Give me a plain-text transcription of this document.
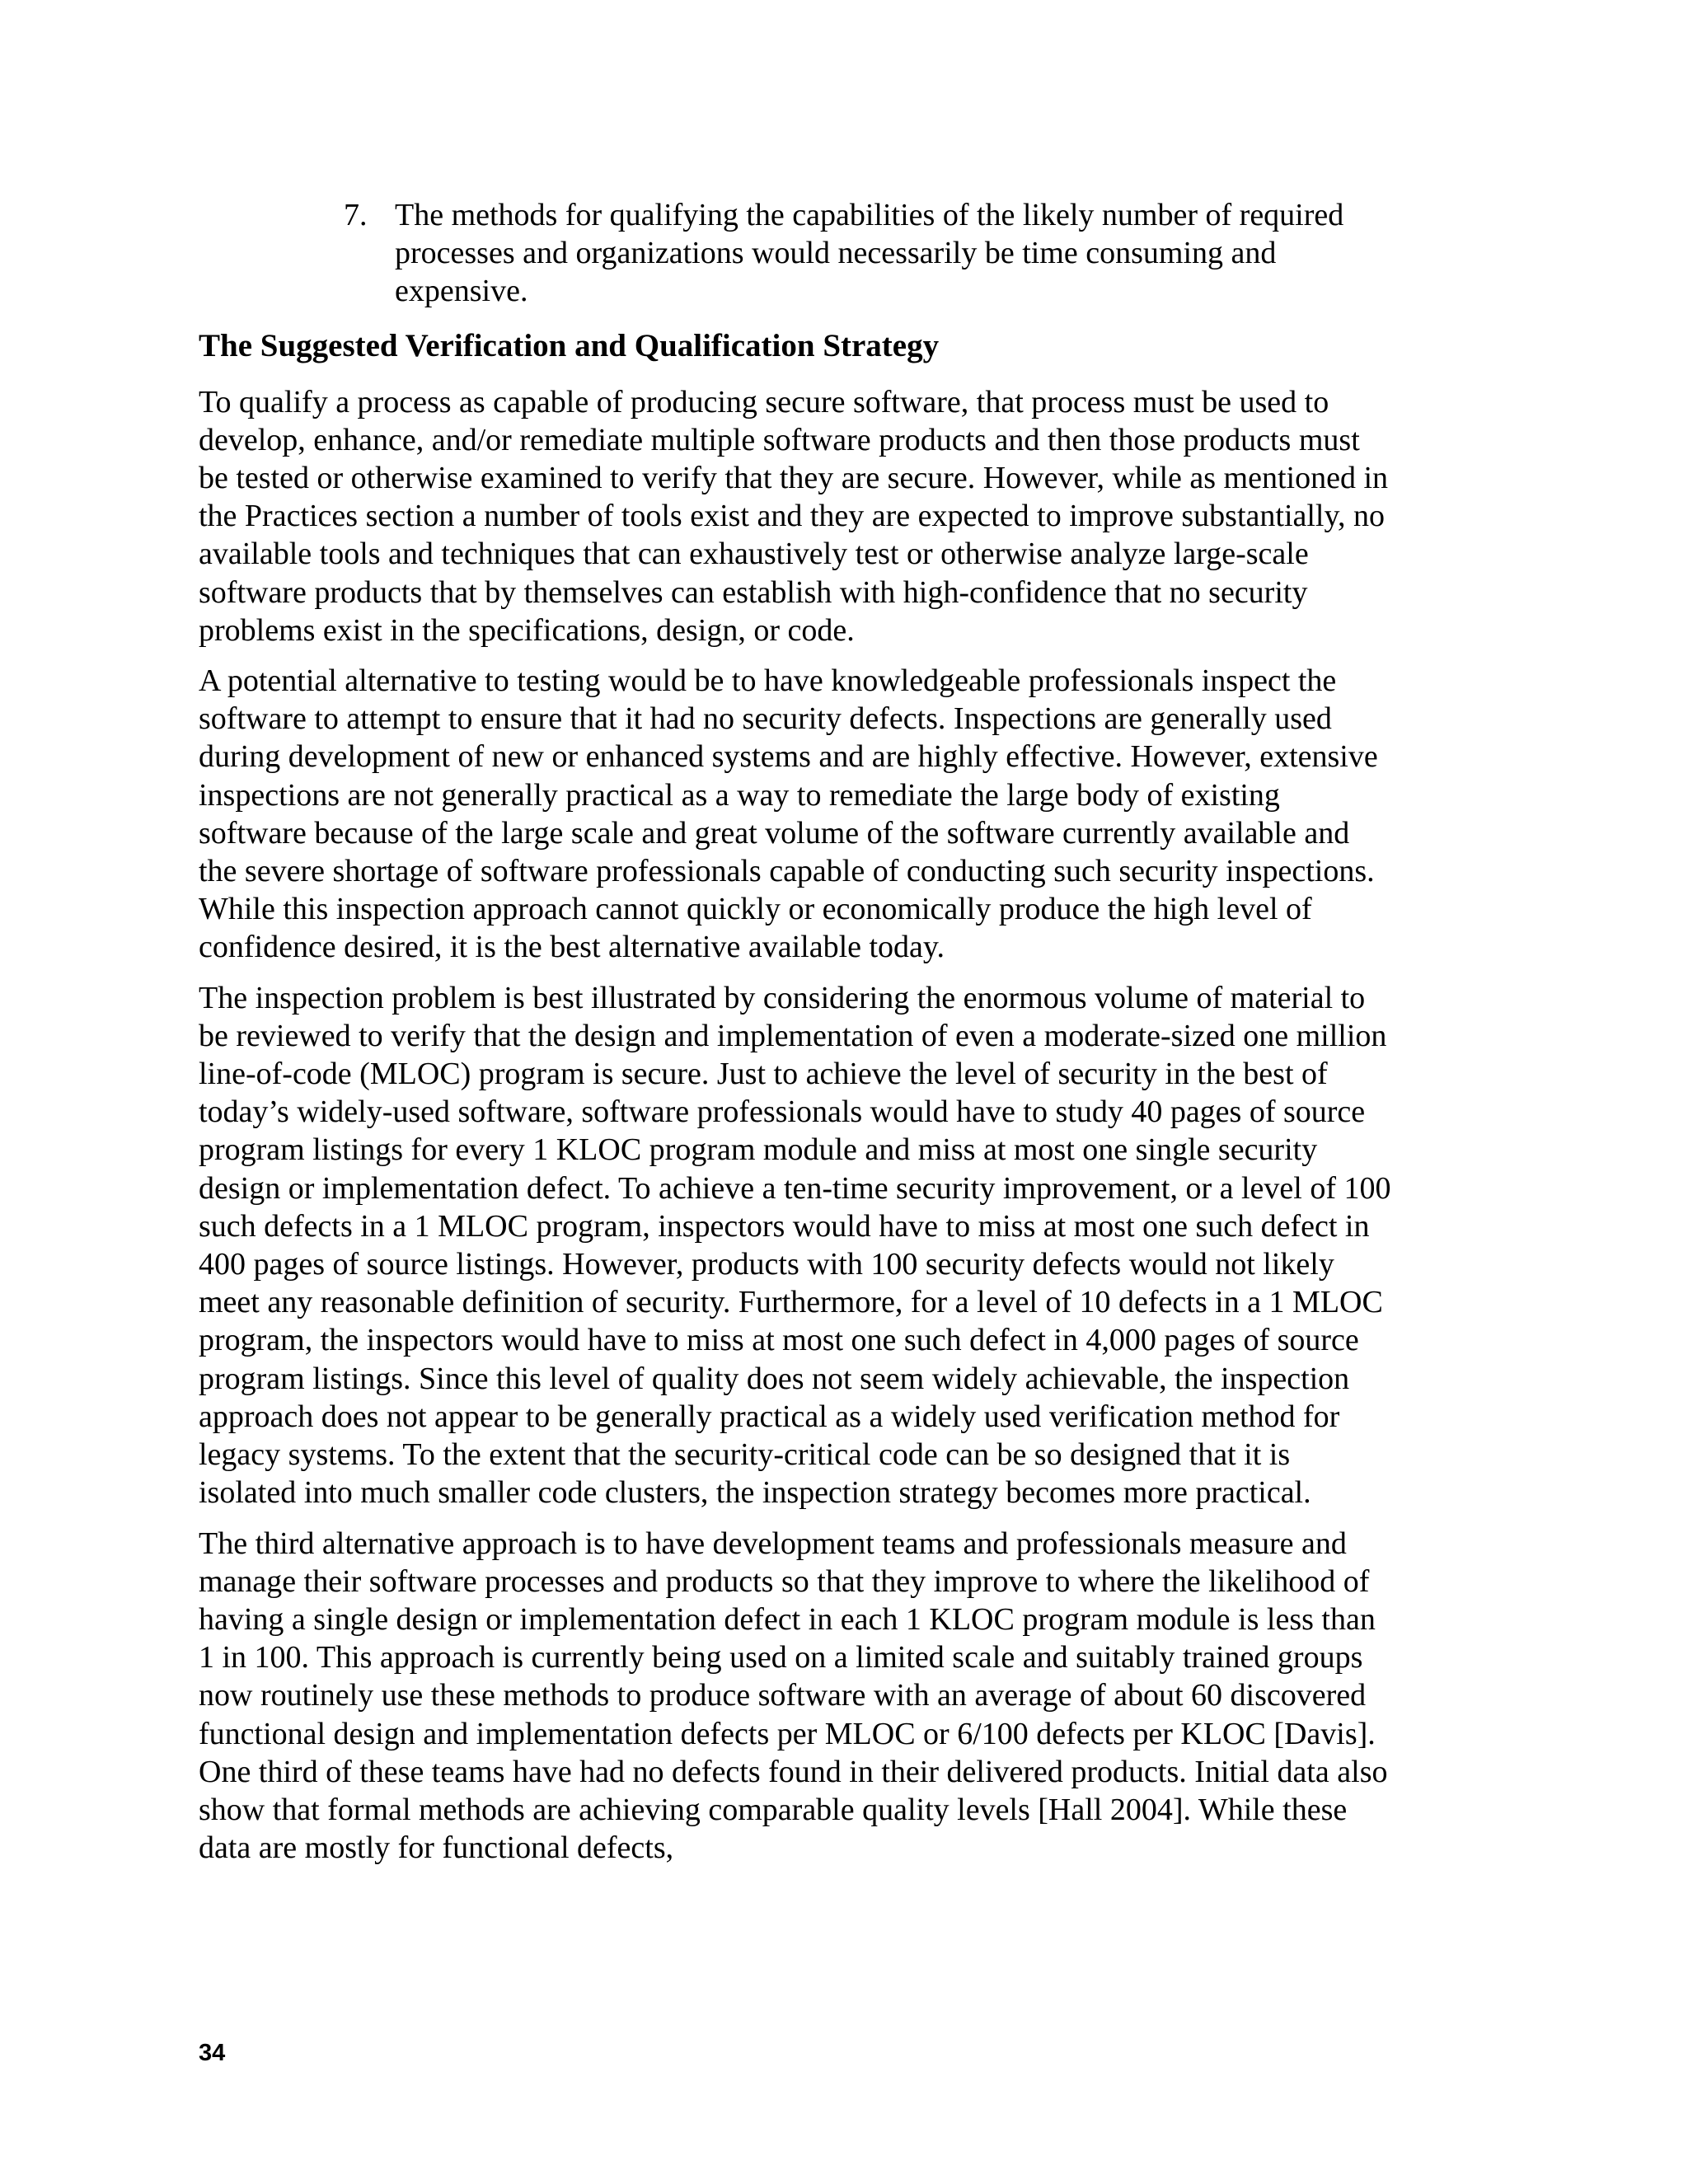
7. The methods for qualifying the capabilities of the likely number of required processes and organizations would necessarily be time consuming and expensive.
The Suggested Verification and Qualification Strategy

To qualify a process as capable of producing secure software, that process must be used to develop, enhance, and/or remediate multiple software products and then those products must be tested or otherwise examined to verify that they are secure. However, while as mentioned in the Practices section a number of tools exist and they are expected to improve substantially, no available tools and techniques that can exhaustively test or otherwise analyze large-scale software products that by themselves can establish with high-confidence that no security problems exist in the specifications, design, or code.

A potential alternative to testing would be to have knowledgeable professionals inspect the software to attempt to ensure that it had no security defects. Inspections are generally used during development of new or enhanced systems and are highly effective. However, extensive inspections are not generally practical as a way to remediate the large body of existing software because of the large scale and great volume of the software currently available and the severe shortage of software professionals capable of conducting such security inspections. While this inspection approach cannot quickly or economically produce the high level of confidence desired, it is the best alternative available today.

The inspection problem is best illustrated by considering the enormous volume of material to be reviewed to verify that the design and implementation of even a moderate-sized one million line-of-code (MLOC) program is secure. Just to achieve the level of security in the best of today’s widely-used software, software professionals would have to study 40 pages of source program listings for every 1 KLOC program module and miss at most one single security design or implementation defect. To achieve a ten-time security improvement, or a level of 100 such defects in a 1 MLOC program, inspectors would have to miss at most one such defect in 400 pages of source listings. However, products with 100 security defects would not likely meet any reasonable definition of security. Furthermore, for a level of 10 defects in a 1 MLOC program, the inspectors would have to miss at most one such defect in 4,000 pages of source program listings. Since this level of quality does not seem widely achievable, the inspection approach does not appear to be generally practical as a widely used verification method for legacy systems. To the extent that the security-critical code can be so designed that it is isolated into much smaller code clusters, the inspection strategy becomes more practical.

The third alternative approach is to have development teams and professionals measure and manage their software processes and products so that they improve to where the likelihood of having a single design or implementation defect in each 1 KLOC program module is less than 1 in 100. This approach is currently being used on a limited scale and suitably trained groups now routinely use these methods to produce software with an average of about 60 discovered functional design and implementation defects per MLOC or 6/100 defects per KLOC [Davis]. One third of these teams have had no defects found in their delivered products. Initial data also show that formal methods are achieving comparable quality levels [Hall 2004]. While these data are mostly for functional defects,

34
